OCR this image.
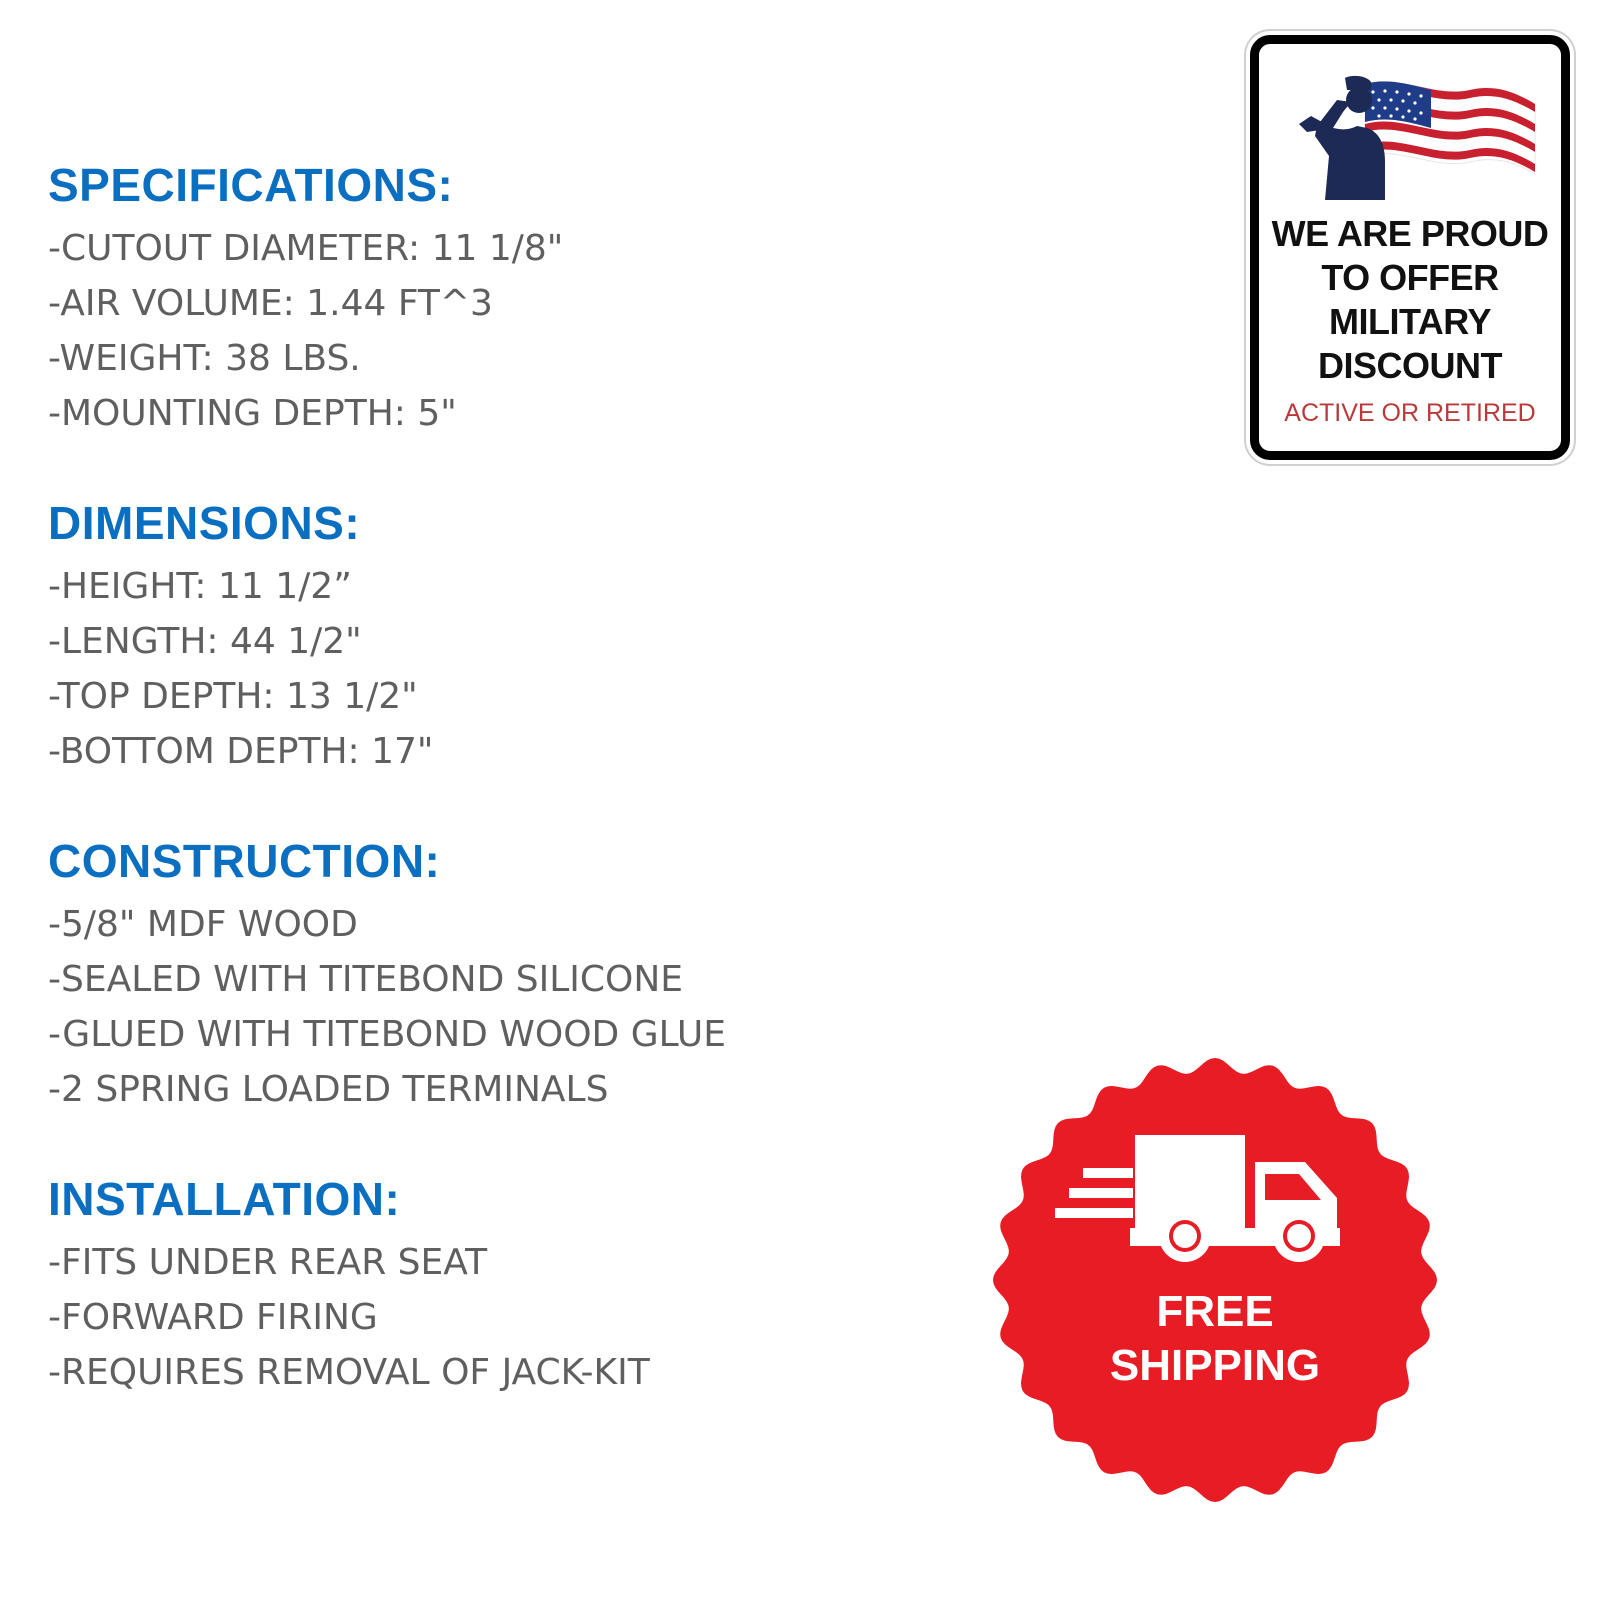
SPECIFICATIONS:
-CUTOUT DIAMETER: 11 1/8"
-AIR VOLUME: 1.44 FT^3
-WEIGHT: 38 LBS.
-MOUNTING DEPTH: 5"
DIMENSIONS:
-HEIGHT: 11 1/2”
-LENGTH: 44 1/2"
-TOP DEPTH: 13 1/2"
-BOTTOM DEPTH: 17"
CONSTRUCTION:
-5/8" MDF WOOD
-SEALED WITH TITEBOND SILICONE
-GLUED WITH TITEBOND WOOD GLUE
-2 SPRING LOADED TERMINALS
INSTALLATION:
-FITS UNDER REAR SEAT
-FORWARD FIRING
-REQUIRES REMOVAL OF JACK-KIT

WE ARE PROUD
TO OFFER
MILITARY
DISCOUNT

ACTIVE OR RETIRED
FREE
SHIPPING
